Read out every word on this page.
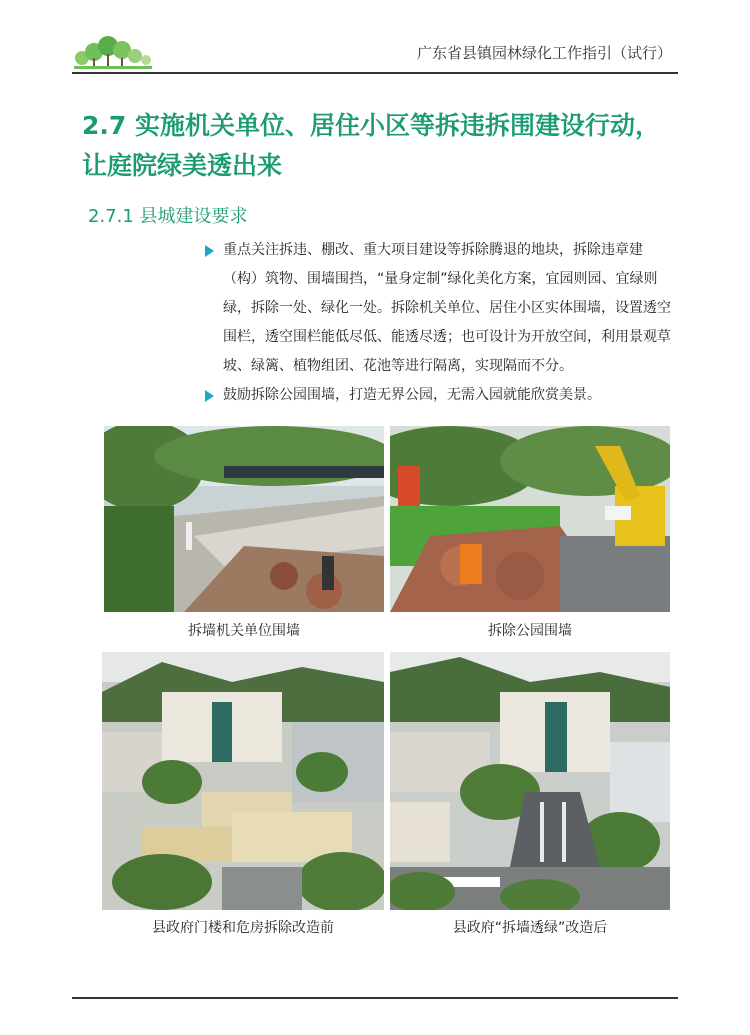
广东省县镇园林绿化工作指引（试行）
2.7 实施机关单位、居住小区等拆违拆围建设行动，让庭院绿美透出来
2.7.1 县城建设要求
重点关注拆违、棚改、重大项目建设等拆除腾退的地块，拆除违章建（构）筑物、围墙围挡，“量身定制”绿化美化方案，宜园则园、宜绿则绿，拆除一处、绿化一处。拆除机关单位、居住小区实体围墙，设置透空围栏，透空围栏能低尽低、能透尽透；也可设计为开放空间，利用景观草坡、绿篱、植物组团、花池等进行隔离，实现隔而不分。
鼓励拆除公园围墙，打造无界公园，无需入园就能欣赏美景。
拆墙机关单位围墙	拆除公园围墙
县政府门楼和危房拆除改造前	县政府“拆墙透绿”改造后
